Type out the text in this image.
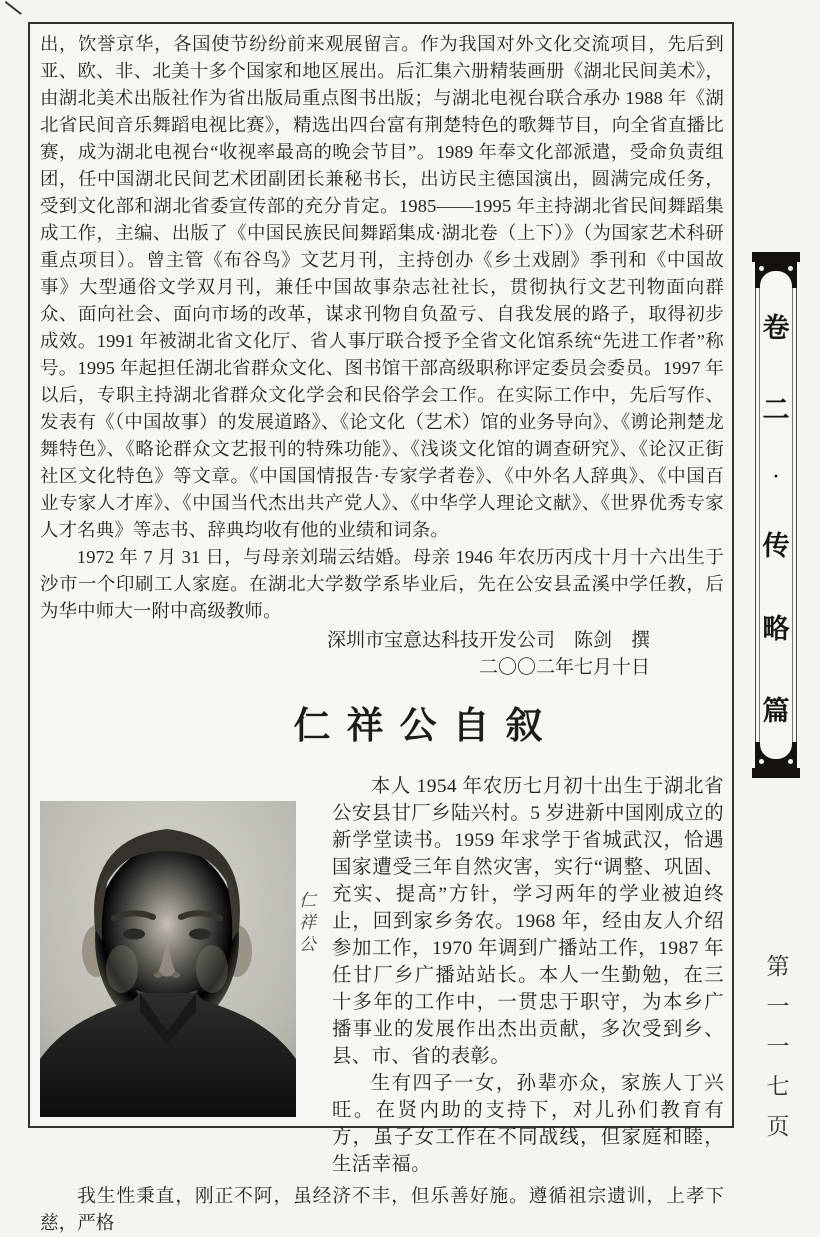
出，饮誉京华，各国使节纷纷前来观展留言。作为我国对外文化交流项目，先后到亚、欧、非、北美十多个国家和地区展出。后汇集六册精装画册《湖北民间美术》，由湖北美术出版社作为省出版局重点图书出版；与湖北电视台联合承办 1988 年《湖北省民间音乐舞蹈电视比赛》，精选出四台富有荆楚特色的歌舞节目，向全省直播比赛，成为湖北电视台“收视率最高的晚会节目”。1989 年奉文化部派遣，受命负责组团，任中国湖北民间艺术团副团长兼秘书长，出访民主德国演出，圆满完成任务，受到文化部和湖北省委宣传部的充分肯定。1985——1995 年主持湖北省民间舞蹈集成工作，主编、出版了《中国民族民间舞蹈集成·湖北卷（上下）》（为国家艺术科研重点项目）。曾主管《布谷鸟》文艺月刊，主持创办《乡土戏剧》季刊和《中国故事》大型通俗文学双月刊，兼任中国故事杂志社社长，贯彻执行文艺刊物面向群众、面向社会、面向市场的改革，谋求刊物自负盈亏、自我发展的路子，取得初步成效。1991 年被湖北省文化厅、省人事厅联合授予全省文化馆系统“先进工作者”称号。1995 年起担任湖北省群众文化、图书馆干部高级职称评定委员会委员。1997 年以后，专职主持湖北省群众文化学会和民俗学会工作。在实际工作中，先后写作、发表有《（中国故事）的发展道路》、《论文化（艺术）馆的业务导向》、《谫论荆楚龙舞特色》、《略论群众文艺报刊的特殊功能》、《浅谈文化馆的调查研究》、《论汉正街社区文化特色》等文章。《中国国情报告·专家学者卷》、《中外名人辞典》、《中国百业专家人才库》、《中国当代杰出共产党人》、《中华学人理论文献》、《世界优秀专家人才名典》等志书、辞典均收有他的业绩和词条。

1972 年 7 月 31 日，与母亲刘瑞云结婚。母亲 1946 年农历丙戌十月十六出生于沙市一个印刷工人家庭。在湖北大学数学系毕业后，先在公安县孟溪中学任教，后为华中师大一附中高级教师。

深圳市宝意达科技开发公司　陈剑　撰
二〇〇二年七月十日
仁祥公自叙
仁
祥
公

本人 1954 年农历七月初十出生于湖北省公安县甘厂乡陆兴村。5 岁进新中国刚成立的新学堂读书。1959 年求学于省城武汉，恰遇国家遭受三年自然灾害，实行“调整、巩固、充实、提高”方针，学习两年的学业被迫终止，回到家乡务农。1968 年，经由友人介绍参加工作，1970 年调到广播站工作，1987 年任甘厂乡广播站站长。本人一生勤勉，在三十多年的工作中，一贯忠于职守，为本乡广播事业的发展作出杰出贡献，多次受到乡、县、市、省的表彰。

生有四子一女，孙辈亦众，家族人丁兴旺。在贤内助的支持下，对儿孙们教育有方，虽子女工作在不同战线，但家庭和睦，生活幸福。

我生性秉直，刚正不阿，虽经济不丰，但乐善好施。遵循祖宗遗训，上孝下慈，严格

卷
二
·
传
略
篇
第
一
一
七
页
